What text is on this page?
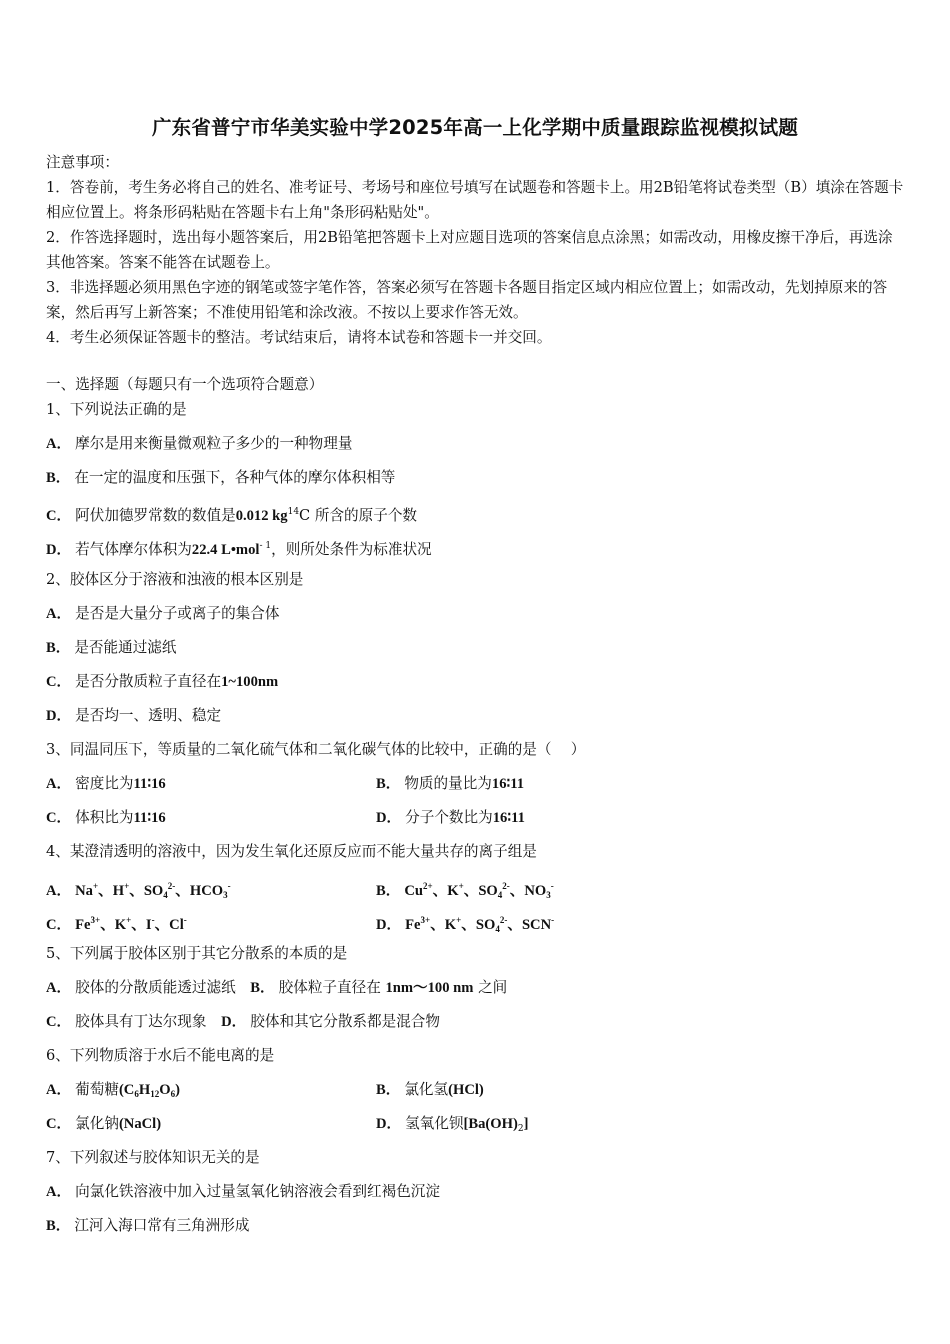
广东省普宁市华美实验中学2025年高一上化学期中质量跟踪监视模拟试题

注意事项：

1．答卷前，考生务必将自己的姓名、准考证号、考场号和座位号填写在试题卷和答题卡上。用2B铅笔将试卷类型（B）填涂在答题卡相应位置上。将条形码粘贴在答题卡右上角"条形码粘贴处"。

2．作答选择题时，选出每小题答案后，用2B铅笔把答题卡上对应题目选项的答案信息点涂黑；如需改动，用橡皮擦干净后，再选涂其他答案。答案不能答在试题卷上。

3．非选择题必须用黑色字迹的钢笔或签字笔作答，答案必须写在答题卡各题目指定区域内相应位置上；如需改动，先划掉原来的答案，然后再写上新答案；不准使用铅笔和涂改液。不按以上要求作答无效。

4．考生必须保证答题卡的整洁。考试结束后，请将本试卷和答题卡一并交回。

一、选择题（每题只有一个选项符合题意）
1、下列说法正确的是
A． 摩尔是用来衡量微观粒子多少的一种物理量
B． 在一定的温度和压强下，各种气体的摩尔体积相等
C． 阿伏加德罗常数的数值是0.012 $kg^{14}C$ 所含的原子个数
D． 若气体摩尔体积为22.4 L•mol$^{- 1}$，则所处条件为标准状况
2、胶体区分于溶液和浊液的根本区别是
A． 是否是大量分子或离子的集合体
B． 是否能通过滤纸
C． 是否分散质粒子直径在1~100nm
D． 是否均一、透明、稳定
3、同温同压下，等质量的二氧化硫气体和二氧化碳气体的比较中，正确的是（　 ）
A． 密度比为11∶16	B． 物质的量比为16∶11
C． 体积比为11∶16	D． 分子个数比为16∶11
4、某澄清透明的溶液中，因为发生氧化还原反应而不能大量共存的离子组是
A． Na+、H+、$SO_4^{2-}$、$HCO_3^-$	B． $Cu^{2+}$、K+、$SO_4^{2-}$、$NO_3^-$
C． $Fe^{3+}$、K+、I-、Cl-	D． $Fe^{3+}$、K+、$SO_4^{2-}$、SCN-
5、下列属于胶体区别于其它分散系的本质的是
A． 胶体的分散质能透过滤纸　 B． 胶体粒子直径在 1nm～100 nm 之间
C． 胶体具有丁达尔现象　 D． 胶体和其它分散系都是混合物
6、下列物质溶于水后不能电离的是
A． 葡萄糖$(C_6H_{12}O_6)$	B． 氯化氢(HCl)
C． 氯化钠(NaCl)	D． 氢氧化钡$[Ba(OH)_2]$
7、下列叙述与胶体知识无关的是
A． 向氯化铁溶液中加入过量氢氧化钠溶液会看到红褐色沉淀
B． 江河入海口常有三角洲形成
